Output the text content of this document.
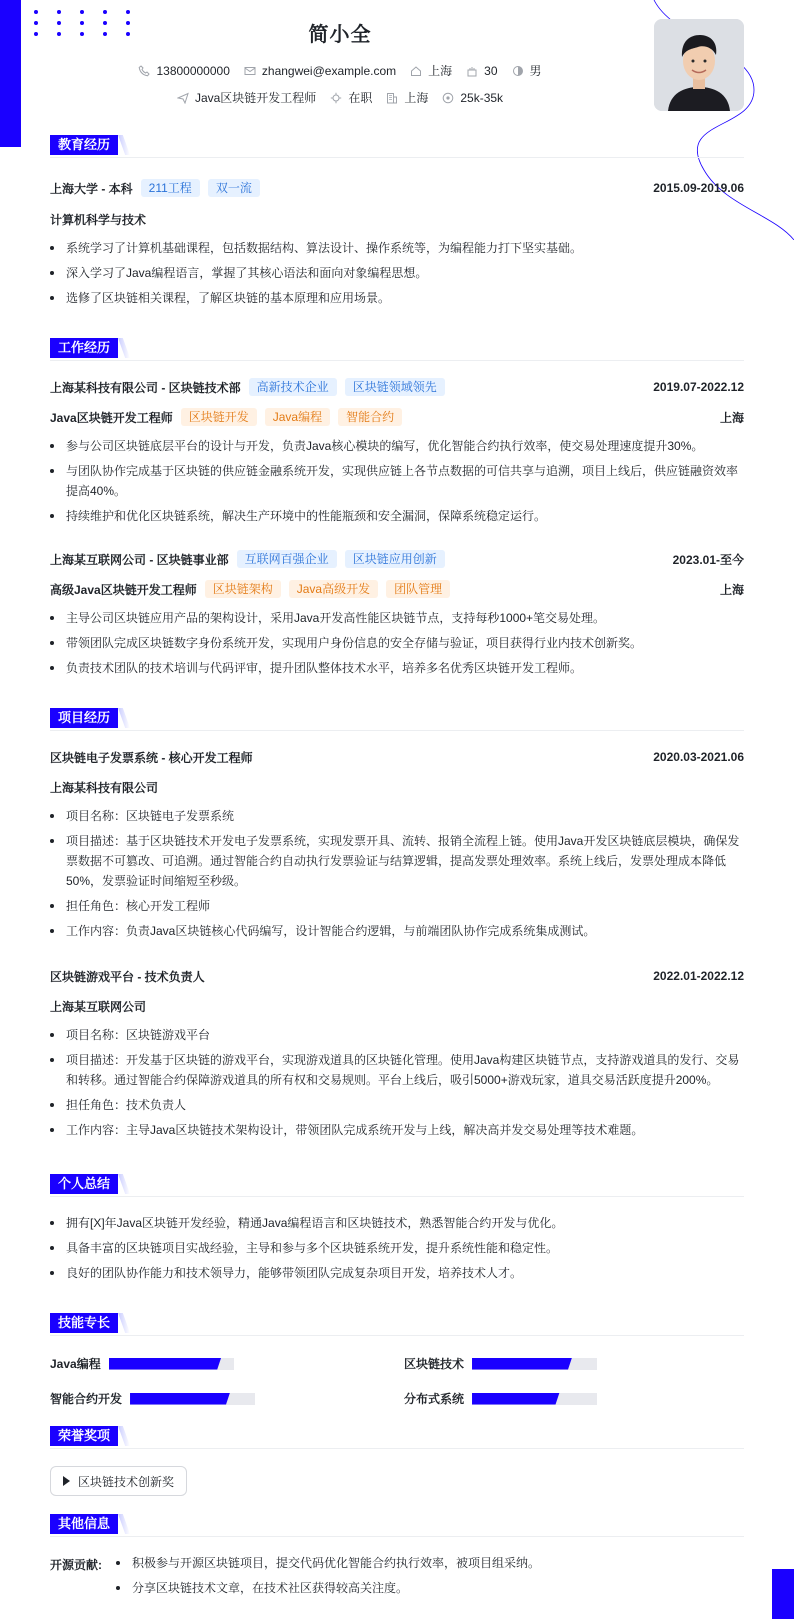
简小全
13800000000	zhangwei@example.com	上海	30	男
Java区块链开发工程师	在职	上海	25k-35k
教育经历
上海大学 - 本科	211工程	双一流	2015.09-2019.06
计算机科学与技术
系统学习了计算机基础课程，包括数据结构、算法设计、操作系统等，为编程能力打下坚实基础。
深入学习了Java编程语言，掌握了其核心语法和面向对象编程思想。
选修了区块链相关课程，了解区块链的基本原理和应用场景。
工作经历
上海某科技有限公司 - 区块链技术部	高新技术企业	区块链领域领先	2019.07-2022.12
Java区块链开发工程师	区块链开发	Java编程	智能合约	上海
参与公司区块链底层平台的设计与开发，负责Java核心模块的编写，优化智能合约执行效率，使交易处理速度提升30%。
与团队协作完成基于区块链的供应链金融系统开发，实现供应链上各节点数据的可信共享与追溯，项目上线后，供应链融资效率提高40%。
持续维护和优化区块链系统，解决生产环境中的性能瓶颈和安全漏洞，保障系统稳定运行。
上海某互联网公司 - 区块链事业部	互联网百强企业	区块链应用创新	2023.01-至今
高级Java区块链开发工程师	区块链架构	Java高级开发	团队管理	上海
主导公司区块链应用产品的架构设计，采用Java开发高性能区块链节点，支持每秒1000+笔交易处理。
带领团队完成区块链数字身份系统开发，实现用户身份信息的安全存储与验证，项目获得行业内技术创新奖。
负责技术团队的技术培训与代码评审，提升团队整体技术水平，培养多名优秀区块链开发工程师。
项目经历
区块链电子发票系统 - 核心开发工程师	2020.03-2021.06
上海某科技有限公司
项目名称：区块链电子发票系统
项目描述：基于区块链技术开发电子发票系统，实现发票开具、流转、报销全流程上链。使用Java开发区块链底层模块，确保发票数据不可篡改、可追溯。通过智能合约自动执行发票验证与结算逻辑，提高发票处理效率。系统上线后，发票处理成本降低50%，发票验证时间缩短至秒级。
担任角色：核心开发工程师
工作内容：负责Java区块链核心代码编写，设计智能合约逻辑，与前端团队协作完成系统集成测试。
区块链游戏平台 - 技术负责人	2022.01-2022.12
上海某互联网公司
项目名称：区块链游戏平台
项目描述：开发基于区块链的游戏平台，实现游戏道具的区块链化管理。使用Java构建区块链节点，支持游戏道具的发行、交易和转移。通过智能合约保障游戏道具的所有权和交易规则。平台上线后，吸引5000+游戏玩家，道具交易活跃度提升200%。
担任角色：技术负责人
工作内容：主导Java区块链技术架构设计，带领团队完成系统开发与上线，解决高并发交易处理等技术难题。
个人总结
拥有[X]年Java区块链开发经验，精通Java编程语言和区块链技术，熟悉智能合约开发与优化。
具备丰富的区块链项目实战经验，主导和参与多个区块链系统开发，提升系统性能和稳定性。
良好的团队协作能力和技术领导力，能够带领团队完成复杂项目开发，培养技术人才。
技能专长
Java编程	区块链技术
智能合约开发	分布式系统
荣誉奖项
区块链技术创新奖
其他信息
开源贡献:	积极参与开源区块链项目，提交代码优化智能合约执行效率，被项目组采纳。
分享区块链技术文章，在技术社区获得较高关注度。
